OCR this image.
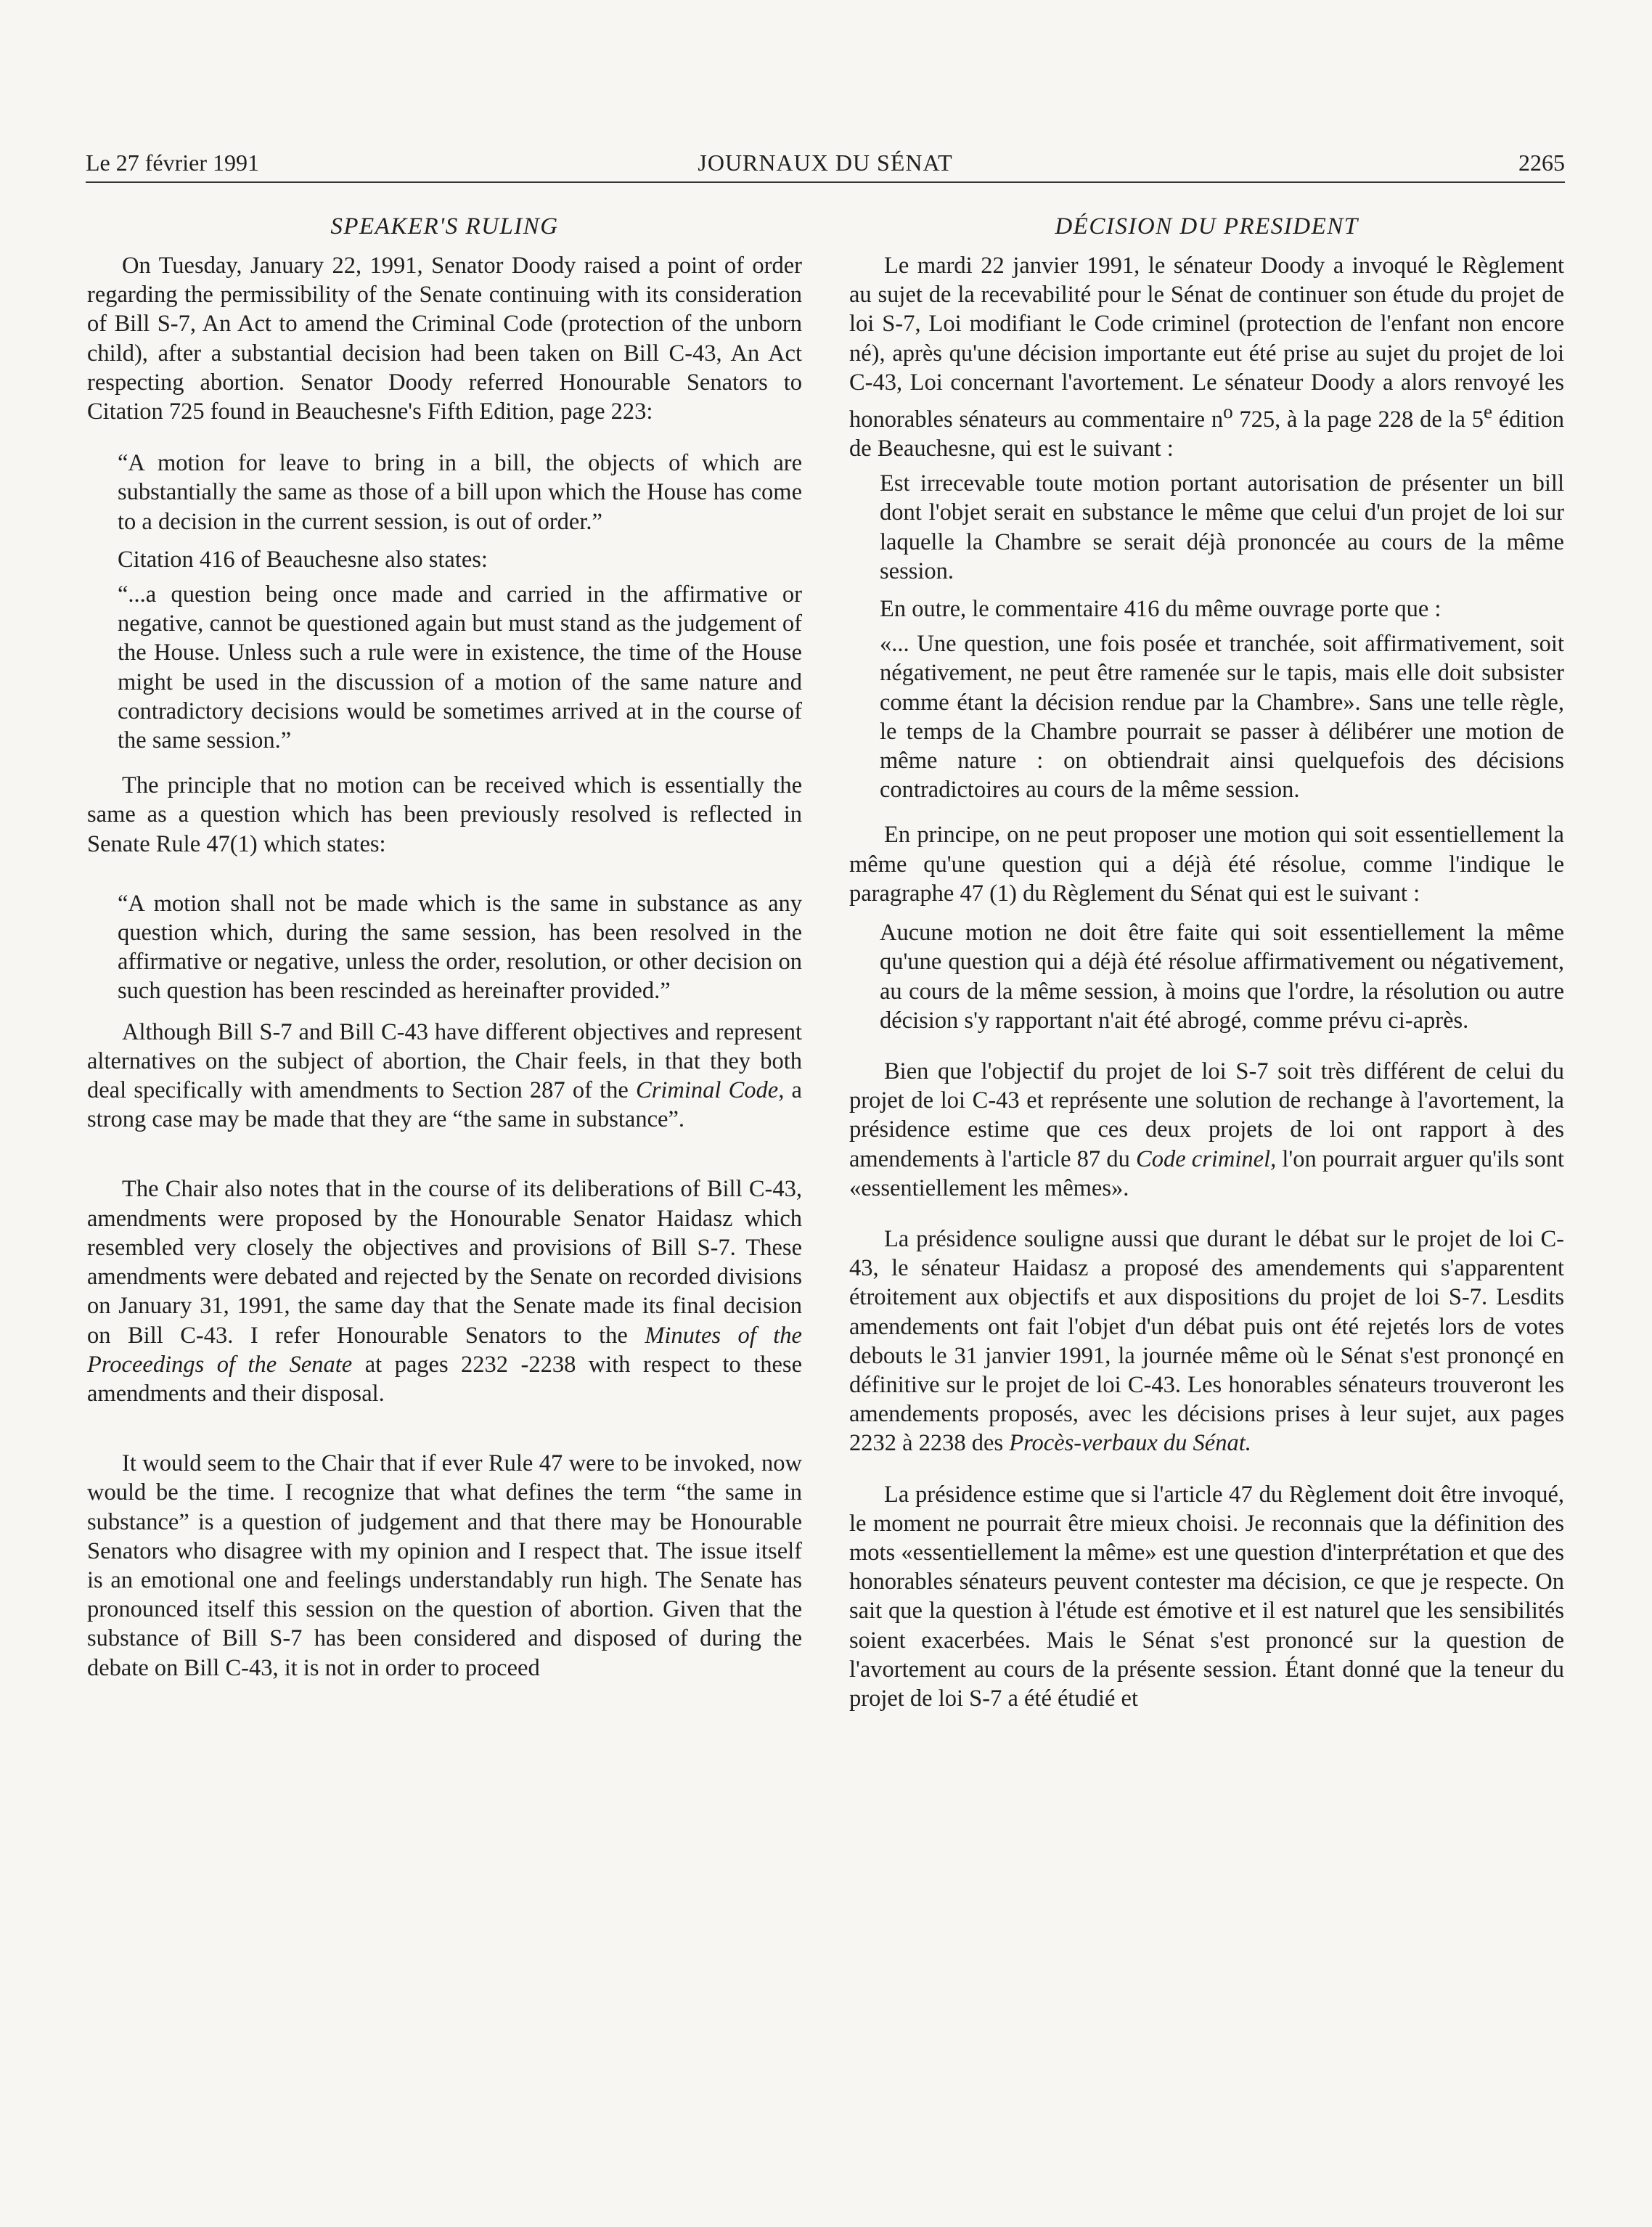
Le 27 février 1991	JOURNAUX DU SÉNAT	2265
SPEAKER'S RULING

On Tuesday, January 22, 1991, Senator Doody raised a point of order regarding the permissibility of the Senate continuing with its consideration of Bill S-7, An Act to amend the Criminal Code (protection of the unborn child), after a substantial decision had been taken on Bill C-43, An Act respecting abortion. Senator Doody referred Honourable Senators to Citation 725 found in Beauchesne's Fifth Edition, page 223:

“A motion for leave to bring in a bill, the objects of which are substantially the same as those of a bill upon which the House has come to a decision in the current session, is out of order.”

Citation 416 of Beauchesne also states:

“...a question being once made and carried in the affirmative or negative, cannot be questioned again but must stand as the judgement of the House. Unless such a rule were in existence, the time of the House might be used in the discussion of a motion of the same nature and contradictory decisions would be sometimes arrived at in the course of the same session.”

The principle that no motion can be received which is essentially the same as a question which has been previously resolved is reflected in Senate Rule 47(1) which states:

“A motion shall not be made which is the same in substance as any question which, during the same session, has been resolved in the affirmative or negative, unless the order, resolution, or other decision on such question has been rescinded as hereinafter provided.”

Although Bill S-7 and Bill C-43 have different objectives and represent alternatives on the subject of abortion, the Chair feels, in that they both deal specifically with amendments to Section 287 of the Criminal Code, a strong case may be made that they are “the same in substance”.

The Chair also notes that in the course of its deliberations of Bill C-43, amendments were proposed by the Honourable Senator Haidasz which resembled very closely the objectives and provisions of Bill S-7. These amendments were debated and rejected by the Senate on recorded divisions on January 31, 1991, the same day that the Senate made its final decision on Bill C-43. I refer Honourable Senators to the Minutes of the Proceedings of the Senate at pages 2232 -2238 with respect to these amendments and their disposal.

It would seem to the Chair that if ever Rule 47 were to be invoked, now would be the time. I recognize that what defines the term “the same in substance” is a question of judgement and that there may be Honourable Senators who disagree with my opinion and I respect that. The issue itself is an emotional one and feelings understandably run high. The Senate has pronounced itself this session on the question of abortion. Given that the substance of Bill S-7 has been considered and disposed of during the debate on Bill C-43, it is not in order to proceed

DÉCISION DU PRESIDENT

Le mardi 22 janvier 1991, le sénateur Doody a invoqué le Règlement au sujet de la recevabilité pour le Sénat de continuer son étude du projet de loi S-7, Loi modifiant le Code criminel (protection de l'enfant non encore né), après qu'une décision importante eut été prise au sujet du projet de loi C-43, Loi concernant l'avortement. Le sénateur Doody a alors renvoyé les honorables sénateurs au commentaire $n^o$ 725, à la page 228 de la 5e édition de Beauchesne, qui est le suivant :

Est irrecevable toute motion portant autorisation de présenter un bill dont l'objet serait en substance le même que celui d'un projet de loi sur laquelle la Chambre se serait déjà prononcée au cours de la même session.

En outre, le commentaire 416 du même ouvrage porte que :

«... Une question, une fois posée et tranchée, soit affirmativement, soit négativement, ne peut être ramenée sur le tapis, mais elle doit subsister comme étant la décision rendue par la Chambre». Sans une telle règle, le temps de la Chambre pourrait se passer à délibérer une motion de même nature : on obtiendrait ainsi quelquefois des décisions contradictoires au cours de la même session.

En principe, on ne peut proposer une motion qui soit essentiellement la même qu'une question qui a déjà été résolue, comme l'indique le paragraphe 47 (1) du Règlement du Sénat qui est le suivant :

Aucune motion ne doit être faite qui soit essentiellement la même qu'une question qui a déjà été résolue affirmativement ou négativement, au cours de la même session, à moins que l'ordre, la résolution ou autre décision s'y rapportant n'ait été abrogé, comme prévu ci-après.

Bien que l'objectif du projet de loi S-7 soit très différent de celui du projet de loi C-43 et représente une solution de rechange à l'avortement, la présidence estime que ces deux projets de loi ont rapport à des amendements à l'article 87 du Code criminel, l'on pourrait arguer qu'ils sont «essentiellement les mêmes».

La présidence souligne aussi que durant le débat sur le projet de loi C-43, le sénateur Haidasz a proposé des amendements qui s'apparentent étroitement aux objectifs et aux dispositions du projet de loi S-7. Lesdits amendements ont fait l'objet d'un débat puis ont été rejetés lors de votes debouts le 31 janvier 1991, la journée même où le Sénat s'est prononçé en définitive sur le projet de loi C-43. Les honorables sénateurs trouveront les amendements proposés, avec les décisions prises à leur sujet, aux pages 2232 à 2238 des Procès-verbaux du Sénat.

La présidence estime que si l'article 47 du Règlement doit être invoqué, le moment ne pourrait être mieux choisi. Je reconnais que la définition des mots «essentiellement la même» est une question d'interprétation et que des honorables sénateurs peuvent contester ma décision, ce que je respecte. On sait que la question à l'étude est émotive et il est naturel que les sensibilités soient exacerbées. Mais le Sénat s'est prononcé sur la question de l'avortement au cours de la présente session. Étant donné que la teneur du projet de loi S-7 a été étudié et
